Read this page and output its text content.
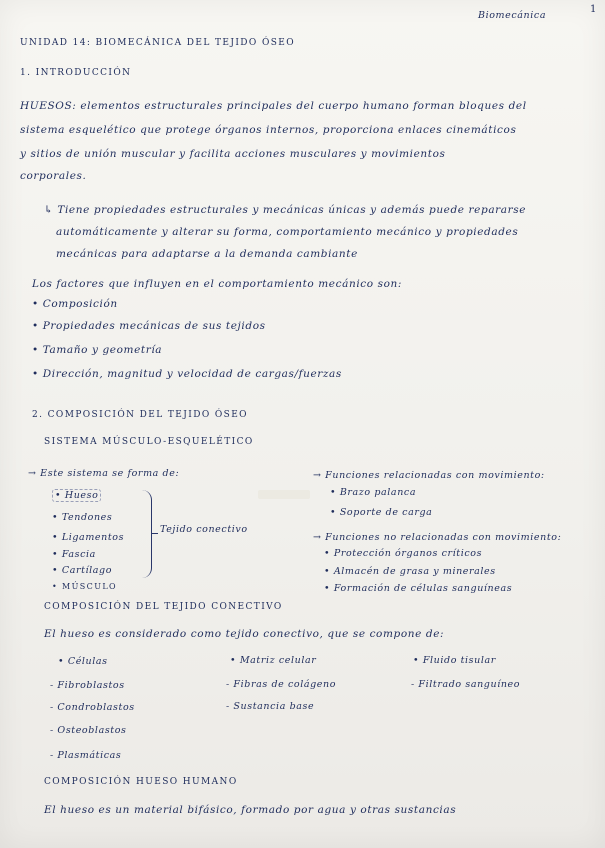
Biomecánica
1
UNIDAD 14: BIOMECÁNICA DEL TEJIDO ÓSEO
1. INTRODUCCIÓN
HUESOS: elementos estructurales principales del cuerpo humano forman bloques del
sistema esquelético que protege órganos internos, proporciona enlaces cinemáticos
y sitios de unión muscular y facilita acciones musculares y movimientos
corporales.
↳ Tiene propiedades estructurales y mecánicas únicas y además puede repararse
automáticamente y alterar su forma, comportamiento mecánico y propiedades
mecánicas para adaptarse a la demanda cambiante
Los factores que influyen en el comportamiento mecánico son:
• Composición
• Propiedades mecánicas de sus tejidos
• Tamaño y geometría
• Dirección, magnitud y velocidad de cargas/fuerzas
2. COMPOSICIÓN DEL TEJIDO ÓSEO
SISTEMA MÚSCULO-ESQUELÉTICO
→ Este sistema se forma de:
• Hueso
• Tendones
• Ligamentos
• Fascia
• Cartílago
• MÚSCULO
Tejido conectivo
→ Funciones relacionadas con movimiento:
• Brazo palanca
• Soporte de carga
→ Funciones no relacionadas con movimiento:
• Protección órganos críticos
• Almacén de grasa y minerales
• Formación de células sanguíneas
COMPOSICIÓN DEL TEJIDO CONECTIVO
El hueso es considerado como tejido conectivo, que se compone de:
• Células
- Fibroblastos
- Condroblastos
- Osteoblastos
- Plasmáticas
• Matriz celular
- Fibras de colágeno
- Sustancia base
• Fluido tisular
- Filtrado sanguíneo
COMPOSICIÓN HUESO HUMANO
El hueso es un material bifásico, formado por agua y otras sustancias
